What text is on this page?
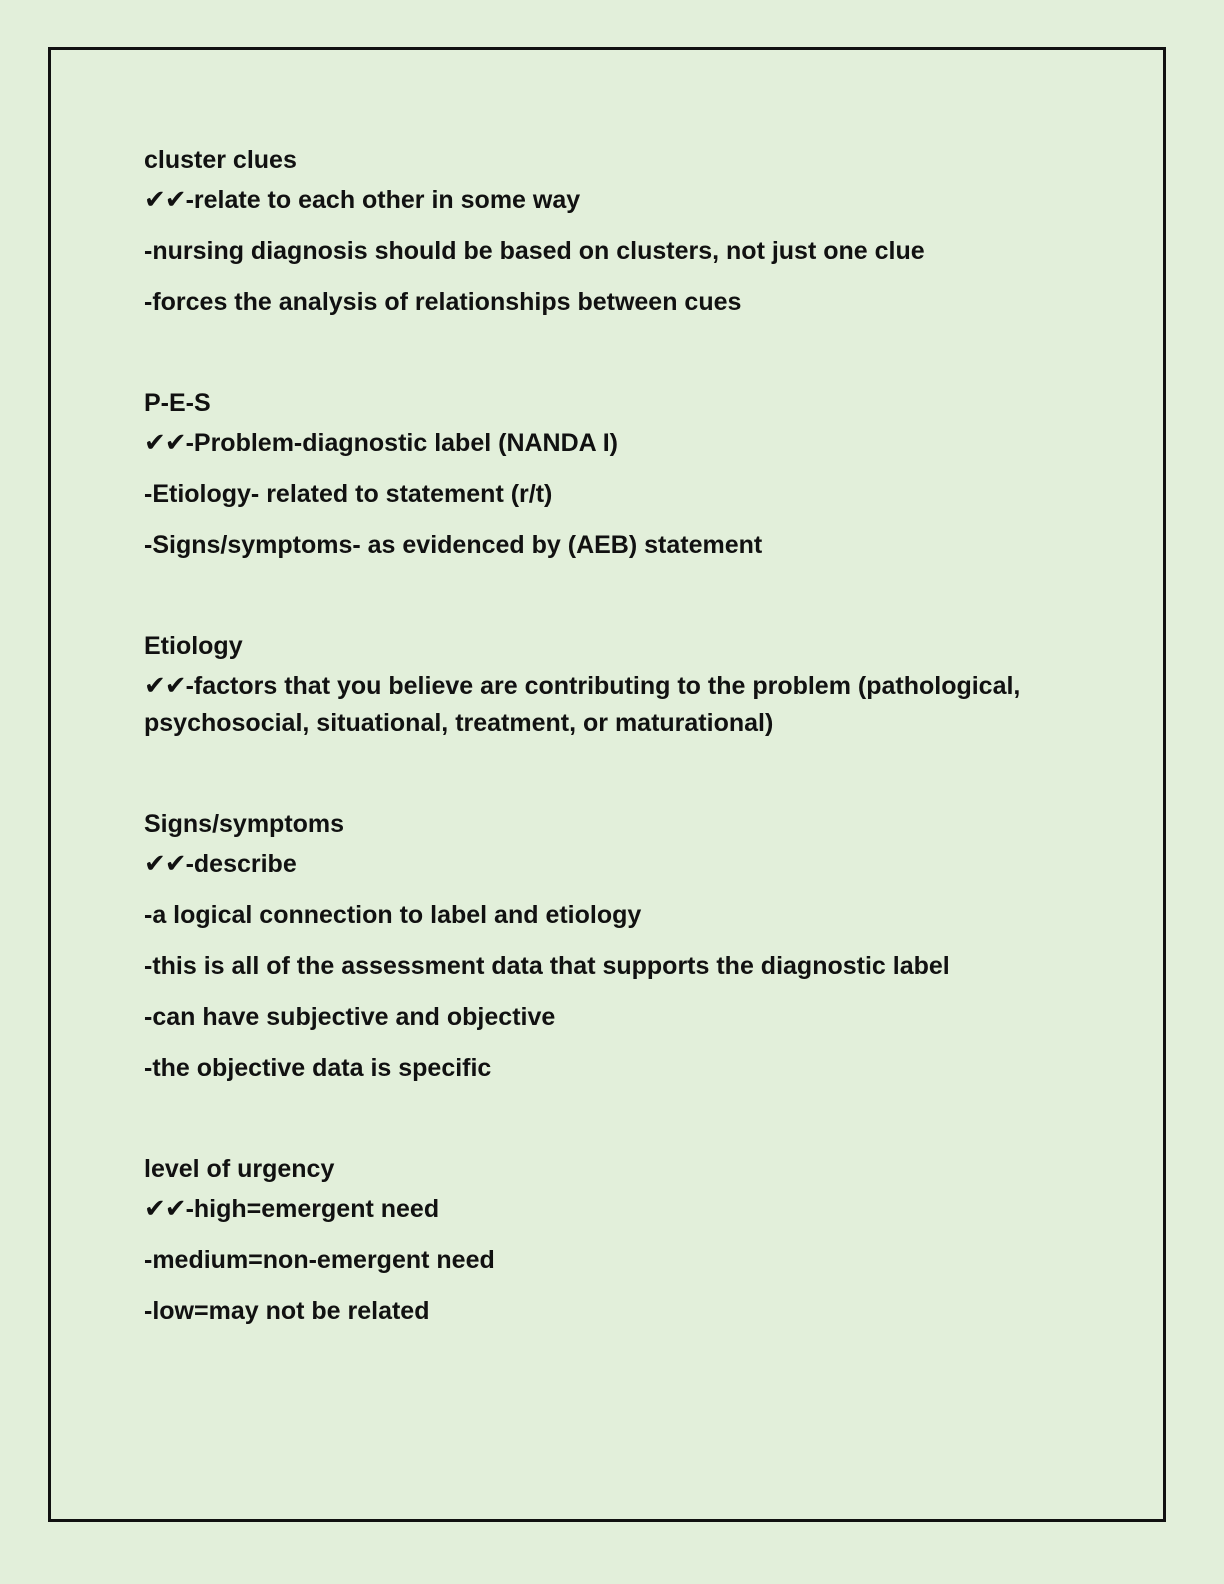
cluster clues

✔✔-relate to each other in some way

-nursing diagnosis should be based on clusters, not just one clue

-forces the analysis of relationships between cues

P-E-S

✔✔-Problem-diagnostic label (NANDA I)

-Etiology- related to statement (r/t)

-Signs/symptoms- as evidenced by (AEB) statement

Etiology

✔✔-factors that you believe are contributing to the problem (pathological, psychosocial, situational, treatment, or maturational)

Signs/symptoms

✔✔-describe

-a logical connection to label and etiology

-this is all of the assessment data that supports the diagnostic label

-can have subjective and objective

-the objective data is specific

level of urgency

✔✔-high=emergent need

-medium=non-emergent need

-low=may not be related
